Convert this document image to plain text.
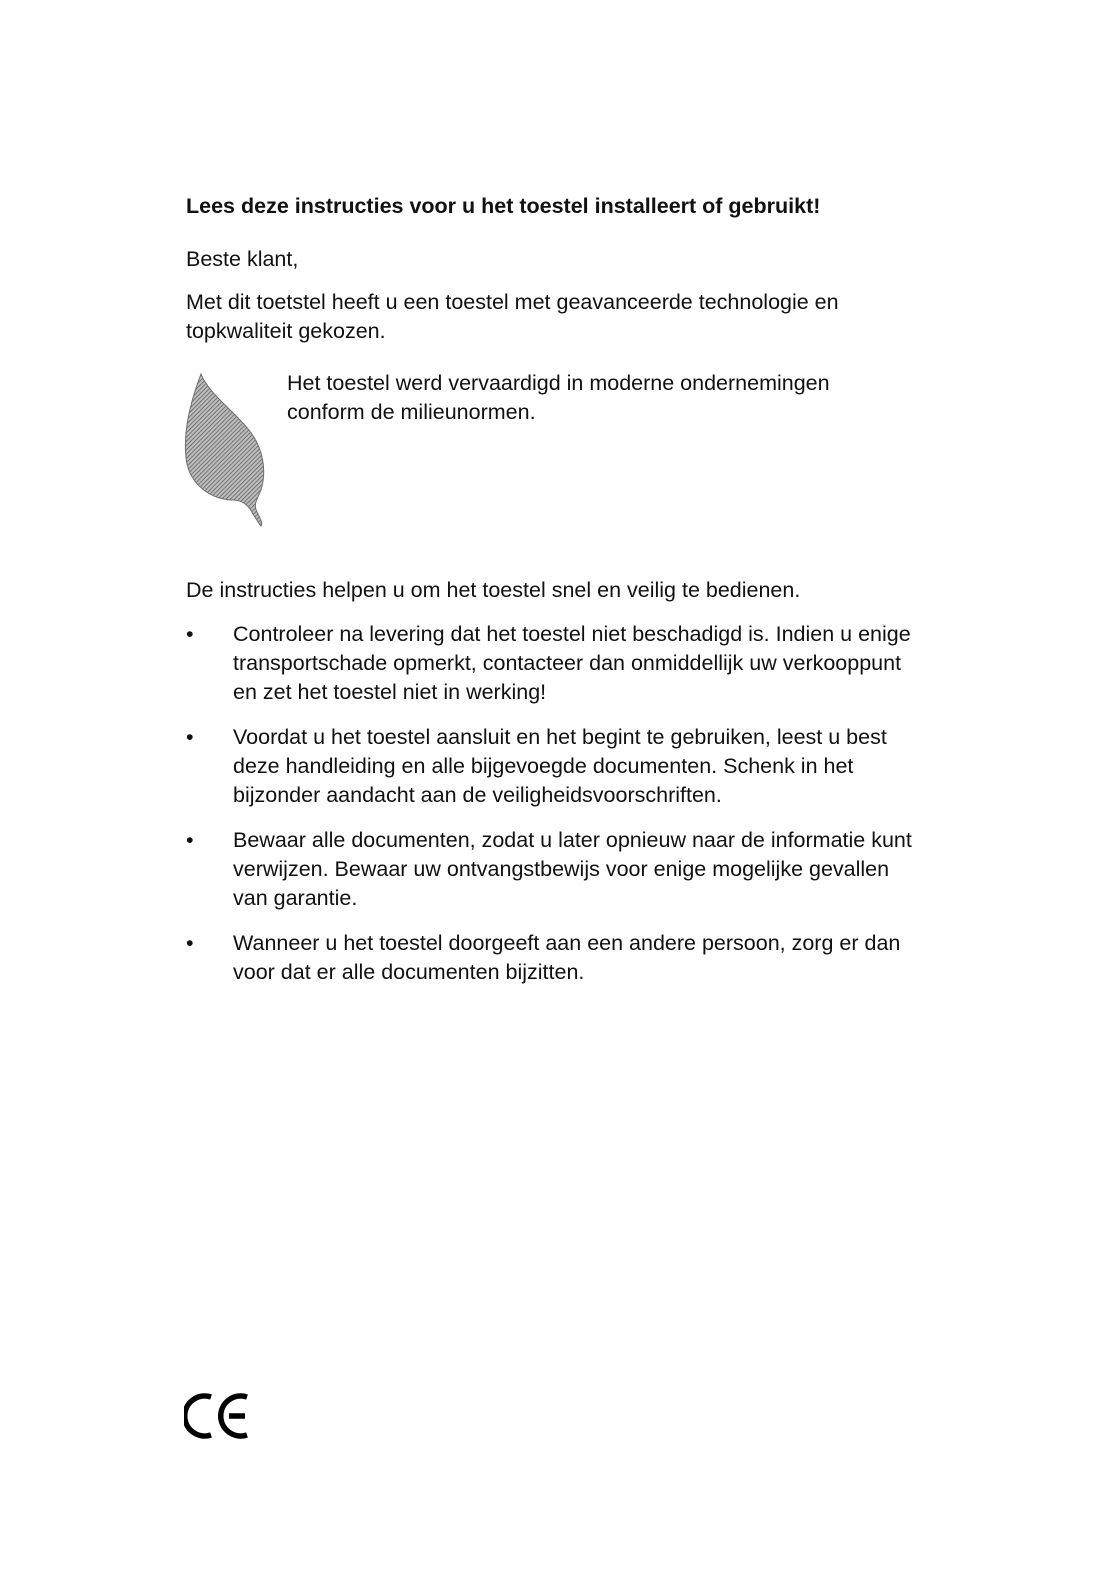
Lees deze instructies voor u het toestel installeert of gebruikt!
Beste klant,
Met dit toetstel heeft u een toestel met geavanceerde technologie en topkwaliteit gekozen.
Het toestel werd vervaardigd in moderne ondernemingen conform de milieunormen.
De instructies helpen u om het toestel snel en veilig te bedienen.
•	Controleer na levering dat het toestel niet beschadigd is. Indien u enige transportschade opmerkt, contacteer dan onmiddellijk uw verkooppunt en zet het toestel niet in werking!
•	Voordat u het toestel aansluit en het begint te gebruiken, leest u best deze handleiding en alle bijgevoegde documenten. Schenk in het bijzonder aandacht aan de veiligheidsvoorschriften.
•	Bewaar alle documenten, zodat u later opnieuw naar de informatie kunt verwijzen. Bewaar uw ontvangstbewijs voor enige mogelijke gevallen van garantie.
•	Wanneer u het toestel doorgeeft aan een andere persoon, zorg er dan voor dat er alle documenten bijzitten.
